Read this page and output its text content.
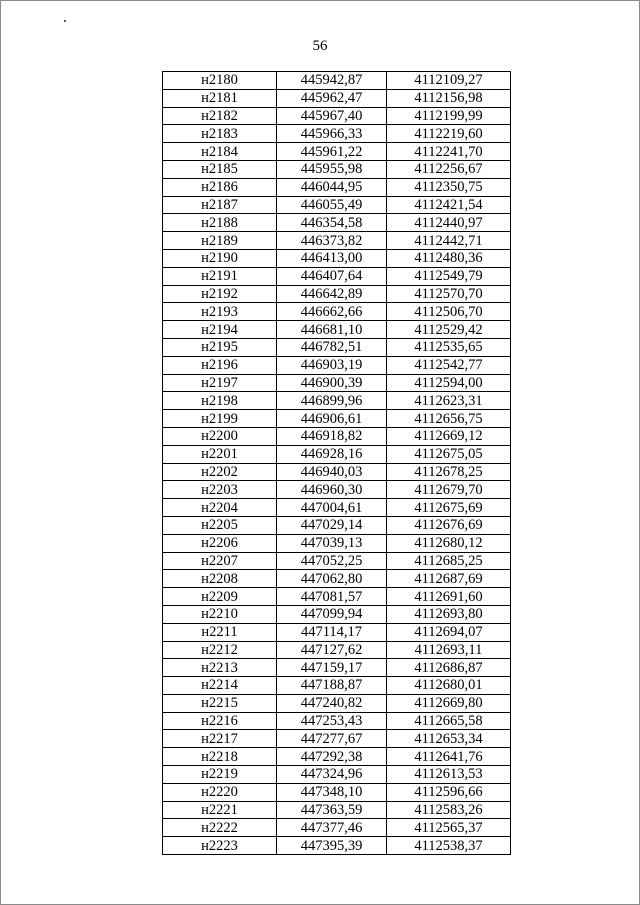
56
н2180	445942,87	4112109,27
н2181	445962,47	4112156,98
н2182	445967,40	4112199,99
н2183	445966,33	4112219,60
н2184	445961,22	4112241,70
н2185	445955,98	4112256,67
н2186	446044,95	4112350,75
н2187	446055,49	4112421,54
н2188	446354,58	4112440,97
н2189	446373,82	4112442,71
н2190	446413,00	4112480,36
н2191	446407,64	4112549,79
н2192	446642,89	4112570,70
н2193	446662,66	4112506,70
н2194	446681,10	4112529,42
н2195	446782,51	4112535,65
н2196	446903,19	4112542,77
н2197	446900,39	4112594,00
н2198	446899,96	4112623,31
н2199	446906,61	4112656,75
н2200	446918,82	4112669,12
н2201	446928,16	4112675,05
н2202	446940,03	4112678,25
н2203	446960,30	4112679,70
н2204	447004,61	4112675,69
н2205	447029,14	4112676,69
н2206	447039,13	4112680,12
н2207	447052,25	4112685,25
н2208	447062,80	4112687,69
н2209	447081,57	4112691,60
н2210	447099,94	4112693,80
н2211	447114,17	4112694,07
н2212	447127,62	4112693,11
н2213	447159,17	4112686,87
н2214	447188,87	4112680,01
н2215	447240,82	4112669,80
н2216	447253,43	4112665,58
н2217	447277,67	4112653,34
н2218	447292,38	4112641,76
н2219	447324,96	4112613,53
н2220	447348,10	4112596,66
н2221	447363,59	4112583,26
н2222	447377,46	4112565,37
н2223	447395,39	4112538,37
